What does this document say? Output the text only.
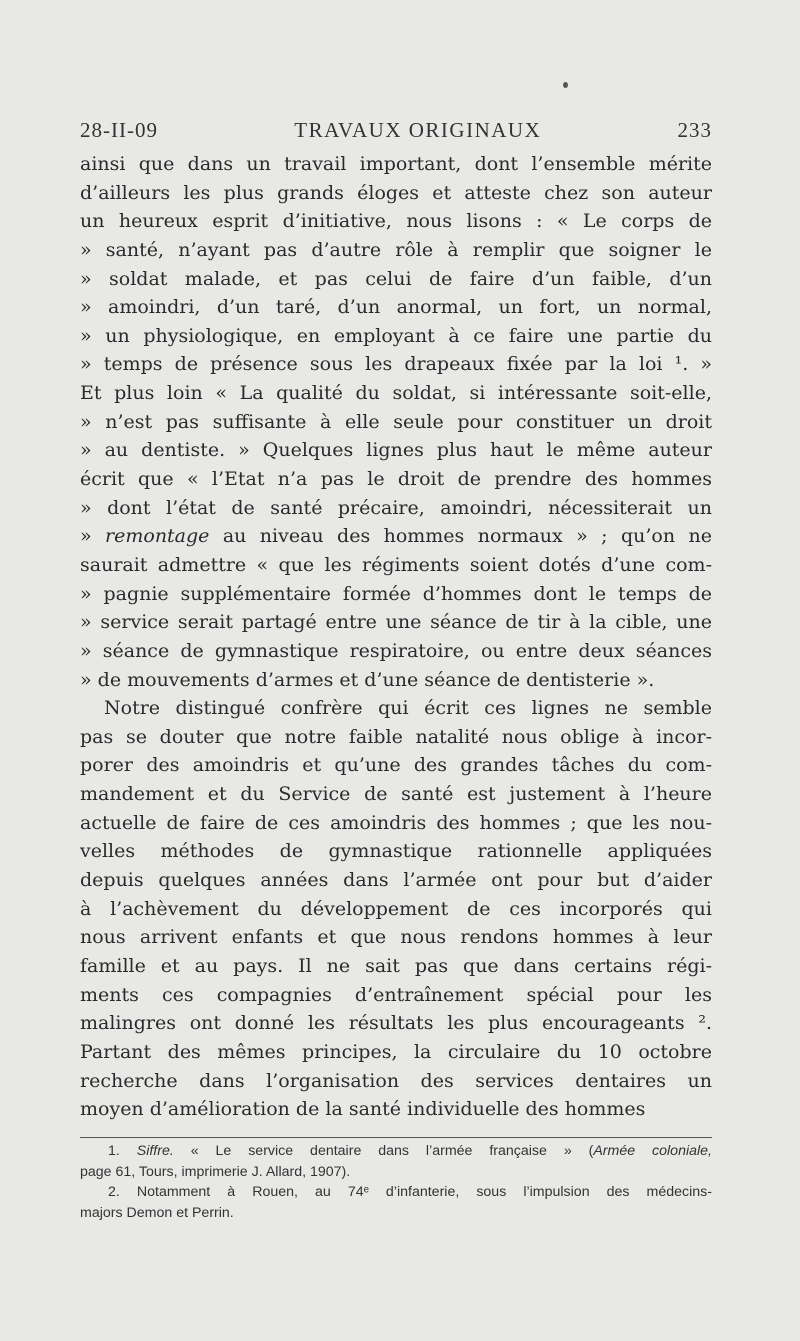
28-II-09	TRAVAUX ORIGINAUX	233
ainsi que dans un travail important, dont l’ensemble mérite
d’ailleurs les plus grands éloges et atteste chez son auteur
un heureux esprit d’initiative, nous lisons : « Le corps de
» santé, n’ayant pas d’autre rôle à remplir que soigner le
» soldat malade, et pas celui de faire d’un faible, d’un
» amoindri, d’un taré, d’un anormal, un fort, un normal,
» un physiologique, en employant à ce faire une partie du
» temps de présence sous les drapeaux fixée par la loi ¹. »
Et plus loin « La qualité du soldat, si intéressante soit-elle,
» n’est pas suffisante à elle seule pour constituer un droit
» au dentiste. » Quelques lignes plus haut le même auteur
écrit que « l’Etat n’a pas le droit de prendre des hommes
» dont l’état de santé précaire, amoindri, nécessiterait un
» remontage au niveau des hommes normaux » ; qu’on ne
saurait admettre « que les régiments soient dotés d’une com-
» pagnie supplémentaire formée d’hommes dont le temps de
» service serait partagé entre une séance de tir à la cible, une
» séance de gymnastique respiratoire, ou entre deux séances
» de mouvements d’armes et d’une séance de dentisterie ».
Notre distingué confrère qui écrit ces lignes ne semble
pas se douter que notre faible natalité nous oblige à incor-
porer des amoindris et qu’une des grandes tâches du com-
mandement et du Service de santé est justement à l’heure
actuelle de faire de ces amoindris des hommes ; que les nou-
velles méthodes de gymnastique rationnelle appliquées
depuis quelques années dans l’armée ont pour but d’aider
à l’achèvement du développement de ces incorporés qui
nous arrivent enfants et que nous rendons hommes à leur
famille et au pays. Il ne sait pas que dans certains régi-
ments ces compagnies d’entraînement spécial pour les
malingres ont donné les résultats les plus encourageants ².
Partant des mêmes principes, la circulaire du 10 octobre
recherche dans l’organisation des services dentaires un
moyen d’amélioration de la santé individuelle des hommes
1. Siffre. « Le service dentaire dans l’armée française » (Armée coloniale,
page 61, Tours, imprimerie J. Allard, 1907).
2. Notamment à Rouen, au 74ᵉ d’infanterie, sous l’impulsion des médecins-
majors Demon et Perrin.
